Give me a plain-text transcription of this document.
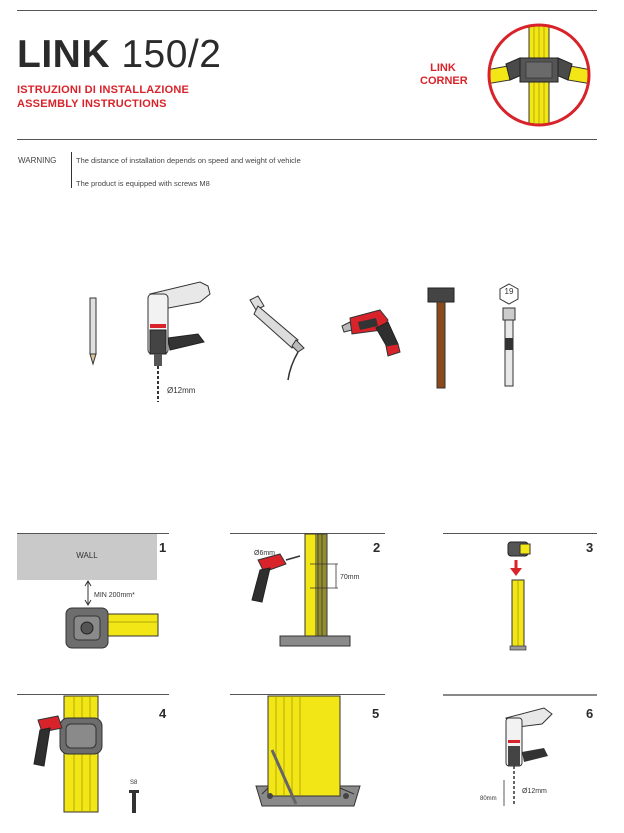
LINK 150/2
ISTRUZIONI DI INSTALLAZIONE
ASSEMBLY INSTRUCTIONS
LINK
CORNER
WARNING	The distance of installation depends on speed and weight of vehicle
The product is equipped with screws M8
Ø12mm
19
1	2	3
4	5	6
WALL
MIN 200mm*
Ø6mm
70mm
S8
Ø12mm
80mm
